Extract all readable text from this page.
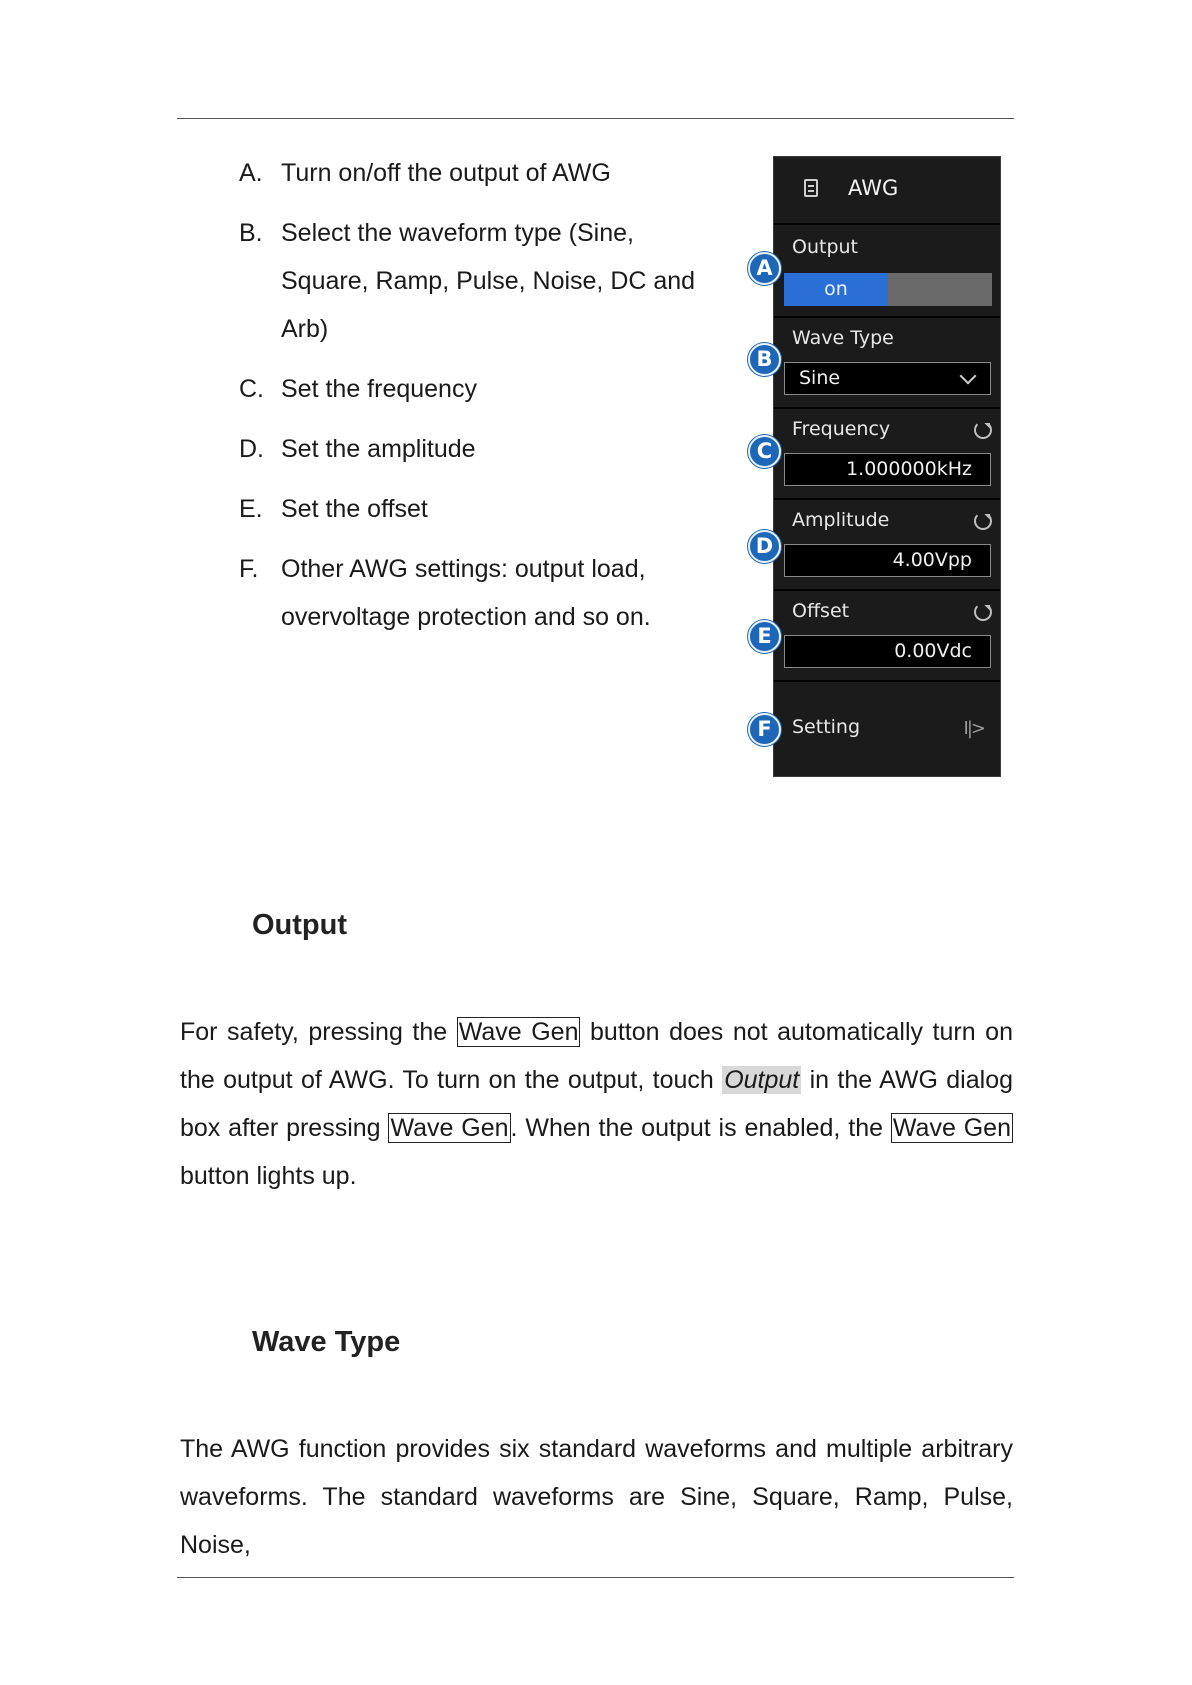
A. Turn on/off the output of AWG
B. Select the waveform type (Sine, Square, Ramp, Pulse, Noise, DC and Arb)
C. Set the frequency
D. Set the amplitude
E. Set the offset
F. Other AWG settings: output load, overvoltage protection and so on.
AWG
Output
on
Wave Type
Sine
Frequency
1.000000kHz
Amplitude
4.00Vpp
Offset
0.00Vdc
Setting	I|>
A
B
C
D
E
F
Output
For safety, pressing the Wave Gen button does not automatically turn on the output of AWG. To turn on the output, touch Output in the AWG dialog box after pressing Wave Gen. When the output is enabled, the Wave Gen button lights up.
Wave Type
The AWG function provides six standard waveforms and multiple arbitrary waveforms. The standard waveforms are Sine, Square, Ramp, Pulse, Noise,
